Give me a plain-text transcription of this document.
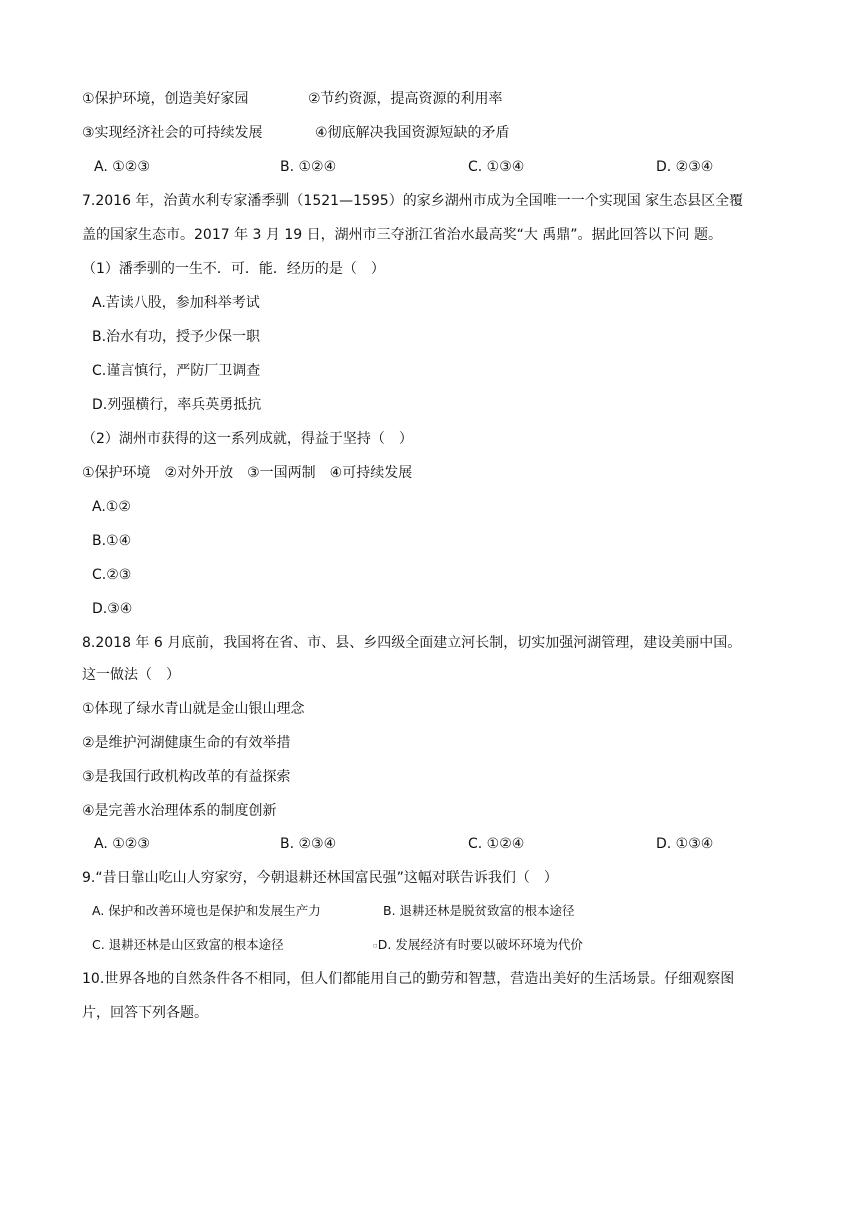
①保护环境，创造美好家园	②节约资源，提高资源的利用率
③实现经济社会的可持续发展	④彻底解决我国资源短缺的矛盾
A. ①②③	B. ①②④	C. ①③④	D. ②③④
7.2016 年，治黄水利专家潘季驯（1521—1595）的家乡湖州市成为全国唯一一个实现国 家生态县区全覆
盖的国家生态市。2017 年 3 月 19 日，湖州市三夺浙江省治水最高奖“大 禹鼎”。据此回答以下问 题。
（1）潘季驯的一生不．可．能．经历的是（　）
A.苦读八股，参加科举考试
B.治水有功，授予少保一职
C.谨言慎行，严防厂卫调查
D.列强横行，率兵英勇抵抗
（2）湖州市获得的这一系列成就，得益于坚持（　）
①保护环境　②对外开放　③一国两制　④可持续发展
A.①②
B.①④
C.②③
D.③④
8.2018 年 6 月底前，我国将在省、市、县、乡四级全面建立河长制，切实加强河湖管理，建设美丽中国。
这一做法（　）
①体现了绿水青山就是金山银山理念
②是维护河湖健康生命的有效举措
③是我国行政机构改革的有益探索
④是完善水治理体系的制度创新
A. ①②③	B. ②③④	C. ①②④	D. ①③④
9.“昔日靠山吃山人穷家穷，今朝退耕还林国富民强”这幅对联告诉我们（　）
A. 保护和改善环境也是保护和发展生产力	B. 退耕还林是脱贫致富的根本途径
C. 退耕还林是山区致富的根本途径	▫D. 发展经济有时要以破坏环境为代价
10.世界各地的自然条件各不相同，但人们都能用自己的勤劳和智慧，营造出美好的生活场景。仔细观察图
片，回答下列各题。
